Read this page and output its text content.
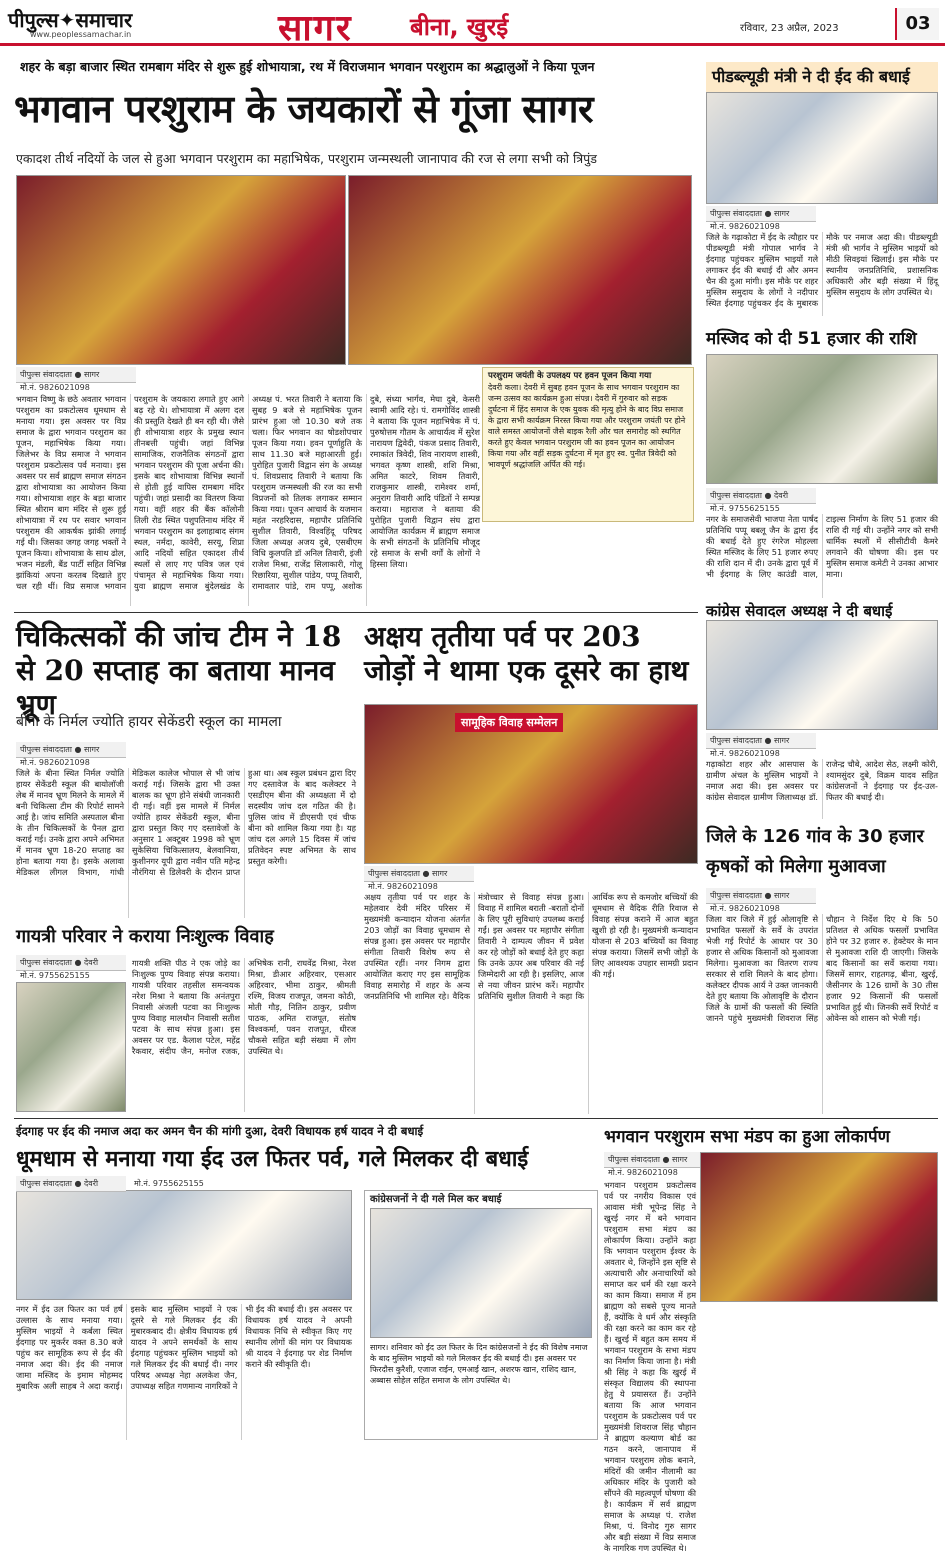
पीपुल्स✦समाचार
www.peoplessamachar.in	सागर बीना, खुरई	रविवार, 23 अप्रैल, 2023	03
शहर के बड़ा बाजार स्थित रामबाग मंदिर से शुरू हुई शोभायात्रा, रथ में विराजमान भगवान परशुराम का श्रद्धालुओं ने किया पूजन
भगवान परशुराम के जयकारों से गूंजा सागर
एकादश तीर्थ नदियों के जल से हुआ भगवान परशुराम का महाभिषेक, परशुराम जन्मस्थली जानापाव की रज से लगा सभी को त्रिपुंड
पीपुल्स संवाददाता ● सागर
मो.नं. 9826021098
भगवान विष्णु के छठे अवतार भगवान परशुराम का प्रकटोत्सव धूमधाम से मनाया गया। इस अवसर पर विप्र समाज के द्वारा भगवान परशुराम का पूजन, महाभिषेक किया गया। जिलेभर के विप्र समाज ने भगवान परशुराम प्रकटोत्सव पर्व मनाया। इस अवसर पर सर्व ब्राह्मण समाज संगठन द्वारा शोभायात्रा का आयोजन किया गया। शोभायात्रा शहर के बड़ा बाजार स्थित श्रीराम बाग मंदिर से शुरू हुई शोभायात्रा में रथ पर सवार भगवान परशुराम की आकर्षक झांकी लगाई गई थी। जिसका जगह जगह भक्तों ने पूजन किया। शोभायात्रा के साथ ढोल, भजन मंडली, बैंड पार्टी सहित विभिन्न झांकियां अपना करतब दिखाते हुए चल रही थीं। विप्र समाज भगवान परशुराम के जयकारा लगाते हुए आगे बढ़ रहे थे। शोभायात्रा में अलग दल की प्रस्तुति देखते ही बन रही थी। जैसे ही शोभायात्रा शहर के प्रमुख स्थान तीनबत्ती पहुंची। जहां विभिन्न सामाजिक, राजनैतिक संगठनों द्वारा भगवान परशुराम की पूजा अर्चना की। इसके बाद शोभायात्रा विभिन्न स्थानों से होती हुई वापिस रामबाग मंदिर पहुंची। जहां प्रसादी का वितरण किया गया। वहीं शहर की बैंक कॉलोनी तिली रोड स्थित पशुपतिनाथ मंदिर में भगवान परशुराम का इलाहाबाद संगम स्थल, नर्मदा, कावेरी, सरयू, शिप्रा आदि नदियों सहित एकादश तीर्थ स्थलों से लाए गए पवित्र जल एवं पंचामृत से महाभिषेक किया गया। युवा ब्राह्मण समाज बुंदेलखंड के अध्यक्ष पं. भरत तिवारी ने बताया कि सुबह 9 बजे से महाभिषेक पूजन प्रारंभ हुआ जो 10.30 बजे तक चला। फिर भगवान का षोडशोपचार पूजन किया गया। हवन पूर्णाहुति के साथ 11.30 बजे महाआरती हुई। पुरोहित पुजारी विद्वान संग के अध्यक्ष पं. शिवप्रसाद तिवारी ने बताया कि परशुराम जन्मस्थली की रज का सभी विप्रजनों को तिलक लगाकर सम्मान किया गया। पूजन आचार्य के यजमान महंत नरहरिदास, महापौर प्रतिनिधि सुशील तिवारी, विश्वहिंदू परिषद जिला अध्यक्ष अजय दुबे, एसबीएम विधि कुलपति डॉ अनिल तिवारी, इंजी राजेश मिश्रा, राजेंद्र सिलाकारी, गोलू रिछारिया, सुशील पांडेय, पप्पू तिवारी, रामावतार पांडे, राम पप्पू, अशोक दुबे, संध्या भार्गव, मेघा दुबे, केसरी स्वामी आदि रहे। पं. रामगोविंद शास्त्री ने बताया कि पूजन महाभिषेक में पं. पुरुषोत्तम गौतम के आचार्यत्व में सुरेश नारायण द्विवेदी, पंकज प्रसाद तिवारी, रमाकांत त्रिवेदी, शिव नारायण शास्त्री, भगवत कृष्ण शास्त्री, शशि मिश्रा, अमित काटरे, शिवम तिवारी, राजकुमार शास्त्री, रामेश्वर शर्मा, अनुराग तिवारी आदि पंडितों ने सम्पन्न कराया। महाराज ने बताया की पुरोहित पुजारी विद्वान संघ द्वारा आयोजित कार्यक्रम में ब्राह्मण समाज के सभी संगठनों के प्रतिनिधि मौजूद रहे समाज के सभी वर्गों के लोगों ने हिस्सा लिया।
परशुराम जयंती के उपलक्ष्य पर हवन पूजन किया गया
देवरी कला। देवरी में सुबह हवन पूजन के साथ भगवान परशुराम का जन्म उत्सव का कार्यक्रम हुआ संपन्न। देवरी में गुरुवार को सड़क दुर्घटना में हिंद समाज के एक युवक की मृत्यु होने के बाद विप्र समाज के द्वारा सभी कार्यक्रम निरस्त किया गया और परशुराम जयंती पर होने वाले समस्त आयोजनों जैसे बाइक रैली और चल समारोह को स्थगित करते हुए केवल भगवान परशुराम जी का हवन पूजन का आयोजन किया गया और वहीं सड़क दुर्घटना में मृत हुए स्व. पुनीत त्रिवेदी को भावपूर्ण श्रद्धांजलि अर्पित की गई।
पीडब्ल्यूडी मंत्री ने दी ईद की बधाई
पीपुल्स संवाददाता ● सागर
मो.नं. 9826021098
जिले के गढ़ाकोटा में ईद के त्यौहार पर पीडब्ल्यूडी मंत्री गोपाल भार्गव ने ईदगाह पहुंचकर मुस्लिम भाइयों गले लगाकर ईद की बधाई दी और अमन चैन की दुआ मांगी। इस मौके पर शहर मुस्लिम समुदाय के लोगों ने नदीपार स्थित ईदगाह पहुंचकर ईद के मुबारक मौके पर नमाज अदा की। पीडब्ल्यूडी मंत्री श्री भार्गव ने मुस्लिम भाइयों को मीठी सिवइयां खिलाई। इस मौके पर स्थानीय जनप्रतिनिधि, प्रशासनिक अधिकारी और बड़ी संख्या में हिंदू मुस्लिम समुदाय के लोग उपस्थित थे।
मस्जिद को दी 51 हजार की राशि
पीपुल्स संवाददाता ● देवरी
मो.नं. 9755625155
नगर के समाजसेवी भाजपा नेता पार्षद प्रतिनिधि पप्पू बबलू जैन के द्वारा ईद की बधाई देते हुए रंगरेज मोहल्ला स्थित मस्जिद के लिए 51 हजार रुपए की राशि दान में दी। उनके द्वारा पूर्व में भी ईदगाह के लिए काउंडी वाल, टाइल्स निर्माण के लिए 51 हजार की राशि दी गई थी। उन्होंने नगर को सभी धार्मिक स्थलों में सीसीटीवी कैमरे लगवाने की घोषणा की। इस पर मुस्लिम समाज कमेटी ने उनका आभार माना।
कांग्रेस सेवादल अध्यक्ष ने दी बधाई
पीपुल्स संवाददाता ● सागर
मो.नं. 9826021098
गढ़ाकोटा शहर और आसपास के ग्रामीण अंचल के मुस्लिम भाइयों ने नमाज अदा की। इस अवसर पर कांग्रेस सेवादल ग्रामीण जिलाध्यक्ष डॉ. राजेन्द्र चौबे, आदेश सेठ, लक्ष्मी कोरी, श्यामसुंदर दुबे, विक्रम यादव सहित कांग्रेसजनों ने ईदगाह पर ईद-उल-फितर की बधाई दी।
जिले के 126 गांव के 30 हजार कृषकों को मिलेगा मुआवजा
पीपुल्स संवाददाता ● सागर
मो.नं. 9826021098
जिला वार जिले में हुई ओलावृष्टि से प्रभावित फसलों के सर्वे के उपरांत भेजी गई रिपोर्ट के आधार पर 30 हजार से अधिक किसानों को मुआवजा मिलेगा। मुआवजा का वितरण राज्य सरकार से राशि मिलने के बाद होगा। कलेक्टर दीपक आर्य ने उक्त जानकारी देते हुए बताया कि ओलावृष्टि के दौरान जिले के ग्रामों की फसलों की स्थिति जानने पहुंचे मुख्यमंत्री शिवराज सिंह चौहान ने निर्देश दिए थे कि 50 प्रतिशत से अधिक फसलों प्रभावित होने पर 32 हजार रु. हेक्टेयर के मान से मुआवजा राशि दी जाएगी। जिसके बाद किसानों का सर्वे कराया गया। जिसमें सागर, राहतगढ़, बीना, खुरई, जैसीनगर के 126 ग्रामों के 30 तीस हजार 92 किसानों की फसलों प्रभावित हुई थी। जिनकी सर्वे रिपोर्ट व ओवेन्स को शासन को भेजी गई।
चिकित्सकों की जांच टीम ने 18 से 20 सप्ताह का बताया मानव भ्रूण
बीना के निर्मल ज्योति हायर सेकेंडरी स्कूल का मामला
पीपुल्स संवाददाता ● सागर
मो.नं. 9826021098
जिले के बीना स्थित निर्मल ज्योति हायर सेकेंडरी स्कूल की बायोलॉजी लेब में मानव भ्रूण मिलने के मामले में बनी चिकित्सा टीम की रिपोर्ट सामने आई है। जांच समिति अस्पताल बीना के तीन चिकित्सकों के पैनल द्वारा कराई गई। उनके द्वारा अपने अभिमत में मानव भ्रूण 18-20 सप्ताह का होना बताया गया है। इसके अलावा मेडिकल लीगल विभाग, गांधी मेडिकल कालेज भोपाल से भी जांच कराई गई। जिसके द्वारा भी उक्त बालक का भ्रूण होने संबंधी जानकारी दी गई। वहीं इस मामले में निर्मल ज्योति हायर सेकेंडरी स्कूल, बीना द्वारा प्रस्तुत किए गए दस्तावेजों के अनुसार 1 अक्टूबर 1998 को भ्रूण सुकेसिया चिकित्सालय, बेलवानिया, कुशीनगर यूपी द्वारा नवीन पति महेन्द्र नौरंगिया से डिलेवरी के दौरान प्राप्त हुआ था। अब स्कूल प्रबंधन द्वारा दिए गए दस्तावेज के बाद कलेक्टर ने एसडीएम बीना की अध्यक्षता में दो सदस्यीय जांच दल गठित की है। पुलिस जांच में डीएसपी एवं चीफ बीना को शामिल किया गया है। यह जांच दल अगले 15 दिवस में जांच प्रतिवेदन स्पष्ट अभिमत के साथ प्रस्तुत करेगी।
अक्षय तृतीया पर्व पर 203 जोड़ों ने थामा एक दूसरे का हाथ
सामूहिक विवाह सम्मेलन
पीपुल्स संवाददाता ● सागर
मो.नं. 9826021098
अक्षय तृतीया पर्व पर शहर के महेलवार देवी मंदिर परिसर में मुख्यमंत्री कन्यादान योजना अंतर्गत 203 जोड़ों का विवाह धूमधाम से संपन्न हुआ। इस अवसर पर महापौर संगीता तिवारी विशेष रूप से उपस्थित रहीं। नगर निगम द्वारा आयोजित कराए गए इस सामूहिक विवाह समारोह में शहर के अन्य जनप्रतिनिधि भी शामिल रहे। वैदिक मंत्रोच्चार से विवाह संपन्न हुआ। विवाह में शामिल बराती -बरातों दोनों के लिए पूरी सुविधाएं उपलब्ध कराई गईं। इस अवसर पर महापौर संगीता तिवारी ने दाम्पत्य जीवन में प्रवेश कर रहे जोड़ों को बधाई देते हुए कहा कि उनके ऊपर अब परिवार की नई जिम्मेदारी आ रही है। इसलिए, आज से नया जीवन प्रारंभ करें। महापौर प्रतिनिधि सुशील तिवारी ने कहा कि आर्थिक रूप से कमजोर बच्चियों की धूमधाम से वैदिक रीति रिवाज से विवाह संपन्न कराने में आज बहुत खुशी हो रही है। मुख्यमंत्री कन्यादान योजना से 203 बच्चियों का विवाह संपन्न कराया। जिसमें सभी जोड़ों के लिए आवश्यक उपहार सामग्री प्रदान की गई।
गायत्री परिवार ने कराया निःशुल्क विवाह
पीपुल्स संवाददाता ● देवरी
मो.नं. 9755625155
गायत्री शक्ति पीठ ने एक जोड़े का निःशुल्क पुण्य विवाह संपन्न कराया। गायत्री परिवार तहसील समन्वयक नरेश मिश्रा ने बताया कि अनंतपुरा निवासी अंजली पटवा का निःशुल्क पुण्य विवाह मालथौन निवासी सतीश पटवा के साथ संपन्न हुआ। इस अवसर पर एड. कैलाश पटेल, महेंद्र रैकवार, संदीप जैन, मनोज रजक, अभिषेक रानी, राघवेंद्र मिश्रा, नेरश मिश्रा, डीआर अहिरवार, एसआर अहिरवार, भीमा ठाकुर, श्रीमती रश्मि, विजय राजपूत, जमना कोठी, मोती गौड़, नितिन ठाकुर, प्रवीण पाठक, अमित राजपूत, संतोष विश्वकर्मा, पवन राजपूत, धीरज चौकसे सहित बड़ी संख्या में लोग उपस्थित थे।
ईदगाह पर ईद की नमाज अदा कर अमन चैन की मांगी दुआ, देवरी विधायक हर्ष यादव ने दी बधाई
धूमधाम से मनाया गया ईद उल फितर पर्व, गले मिलकर दी बधाई
पीपुल्स संवाददाता ● देवरी	मो.नं. 9755625155
नगर में ईद उल फितर का पर्व हर्ष उल्लास के साथ मनाया गया। मुस्लिम भाइयों ने कर्बला स्थित ईदगाह पर मुकर्रर वक्त 8.30 बजे पहुंच कर सामूहिक रूप से ईद की नमाज अदा की। ईद की नमाज जामा मस्जिद के इमाम मोहम्मद मुबारिक अली साहब ने अदा कराई। इसके बाद मुस्लिम भाइयों ने एक दूसरे से गले मिलकर ईद की मुबारकबाद दी। क्षेत्रीय विधायक हर्ष यादव ने अपने समर्थकों के साथ ईदगाह पहुंचकर मुस्लिम भाइयों को गले मिलकर ईद की बधाई दी। नगर परिषद अध्यक्ष नेहा अलकेश जैन, उपाध्यक्ष सहित गणमान्य नागरिकों ने भी ईद की बधाई दी। इस अवसर पर विधायक हर्ष यादव ने अपनी विधायक निधि से स्वीकृत किए गए स्थानीय लोगों की मांग पर विधायक श्री यादव ने ईदगाह पर शेड निर्माण कराने की स्वीकृति दी।
कांग्रेसजनों ने दी गले मिल कर बधाई
सागर। शनिवार को ईद उल फितर के दिन कांग्रेसजनों ने ईद की विशेष नमाज के बाद मुस्लिम भाइयों को गले मिलकर ईद की बधाई दी। इस अवसर पर फिरदौस कुरैशी, एजाज राईन, एमआई खान, अशरफ खान, राशिद खान, अब्बास सोहेल सहित समाज के लोग उपस्थित थे।
भगवान परशुराम सभा मंडप का हुआ लोकार्पण
पीपुल्स संवाददाता ● सागर
मो.नं. 9826021098
भगवान परशुराम प्रकटोत्सव पर्व पर नगरीय विकास एवं आवास मंत्री भूपेन्द्र सिंह ने खुरई नगर में बने भगवान परशुराम सभा मंडप का लोकार्पण किया। उन्होंने कहा कि भगवान परशुराम ईश्वर के अवतार थे, जिन्होंने इस सृष्टि से अत्याचारी और अनाचारियों को समाप्त कर धर्म की रक्षा करने का काम किया। समाज में हम ब्राह्मण को सबसे पूज्य मानते हैं, क्योंकि वे धर्म और संस्कृति की रक्षा करने का काम कर रहे हैं। खुरई में बहुत कम समय में भगवान परशुराम के सभा मंडप का निर्माण किया जाना है। मंत्री श्री सिंह ने कहा कि खुरई में संस्कृत विद्यालय की स्थापना हेतु ये प्रयासरत हैं। उन्होंने बताया कि आज भगवान परशुराम के प्रकटोत्सव पर्व पर मुख्यमंत्री शिवराज सिंह चौहान ने ब्राह्मण कल्याण बोर्ड का गठन करने, जानापाव में भगवान परशुराम लोक बनाने, मंदिरों की जमीन नीलामी का अधिकार मंदिर के पुजारी को सौंपने की महत्वपूर्ण घोषणा की है। कार्यक्रम में सर्व ब्राह्मण समाज के अध्यक्ष पं. राजेश मिश्रा, पं. विनोद गुरु सागर और बड़ी संख्या में विप्र समाज के नागरिक गण उपस्थित थे।
